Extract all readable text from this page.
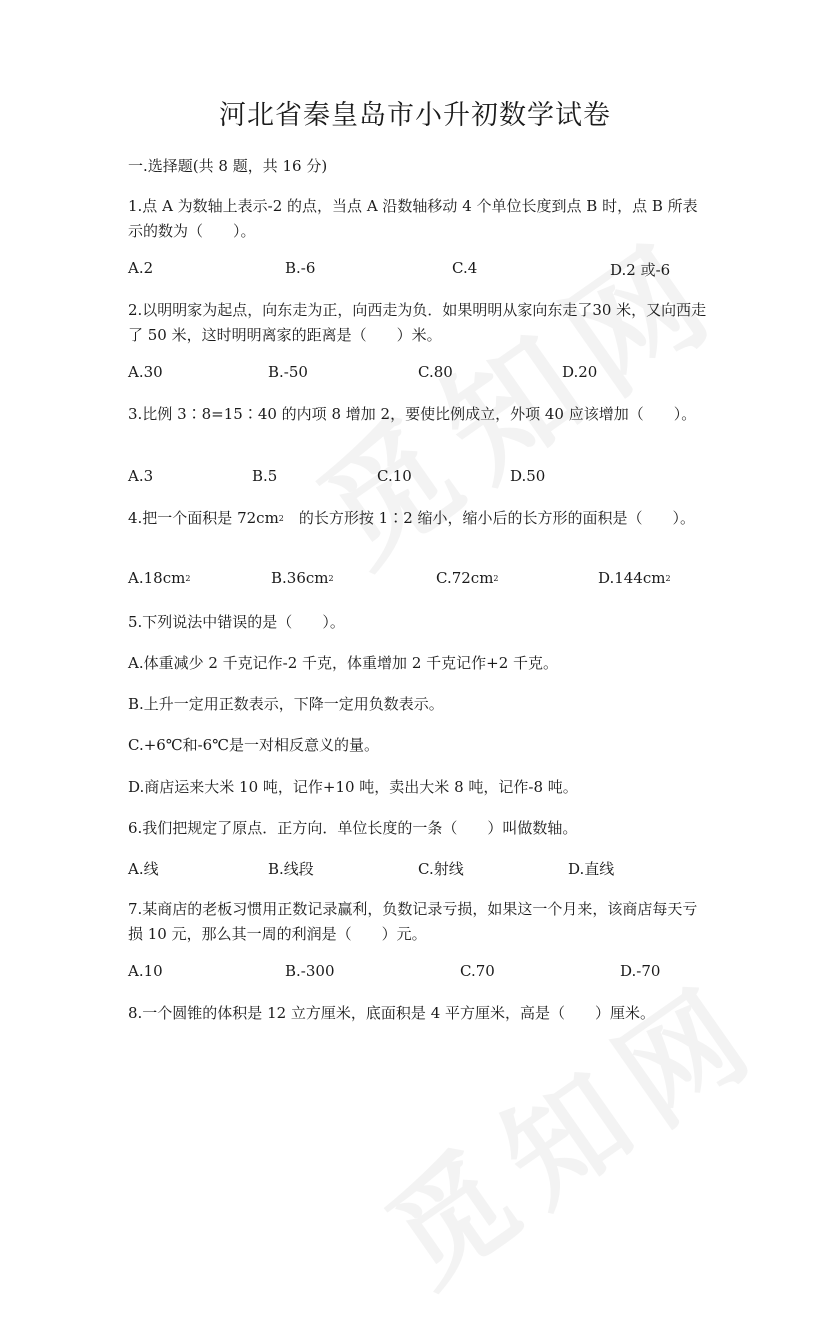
河北省秦皇岛市小升初数学试卷
一.选择题(共 8 题，共 16 分)
1.点 A 为数轴上表示-2 的点，当点 A 沿数轴移动 4 个单位长度到点 B 时，点 B 所表示的数为（　　）。
A.2	B.-6	C.4	D.2 或-6
2.以明明家为起点，向东走为正，向西走为负．如果明明从家向东走了30 米，又向西走了 50 米，这时明明离家的距离是（　　）米。
A.30	B.-50	C.80	D.20
3.比例 3∶8=15∶40 的内项 8 增加 2，要使比例成立，外项 40 应该增加（　　）。
A.3	B.5	C.10	D.50
4.把一个面积是 $72cm^2$　的长方形按 1∶2 缩小，缩小后的长方形的面积是（　　）。
$A.18cm^2$	$B.36cm^2$	$C.72cm^2$	$D.144cm^2$
5.下列说法中错误的是（　　）。
A.体重减少 2 千克记作-2 千克，体重增加 2 千克记作+2 千克。
B.上升一定用正数表示，下降一定用负数表示。
C.+6℃和-6℃是一对相反意义的量。
D.商店运来大米 10 吨，记作+10 吨，卖出大米 8 吨，记作-8 吨。
6.我们把规定了原点．正方向．单位长度的一条（　　）叫做数轴。
A.线	B.线段	C.射线	D.直线
7.某商店的老板习惯用正数记录赢利，负数记录亏损，如果这一个月来，该商店每天亏损 10 元，那么其一周的利润是（　　）元。
A.10	B.-300	C.70	D.-70
8.一个圆锥的体积是 12 立方厘米，底面积是 4 平方厘米，高是（　　）厘米。
